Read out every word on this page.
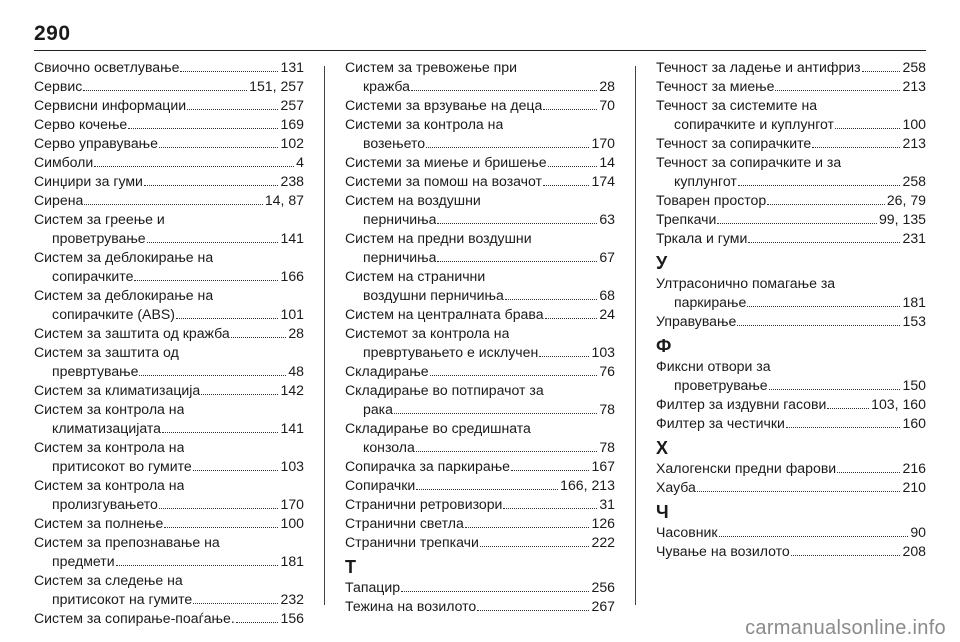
290
Свиочно осветлување	131
Сервис	151, 257
Сервисни информации	257
Серво кочење	169
Серво управување	102
Симболи	4
Синџири за гуми	238
Сирена	14, 87
Систем за греење и
проветрување	141
Систем за деблокирање на
сопирачките	166
Систем за деблокирање на
сопирачките (ABS)	101
Систем за заштита од кражба	28
Систем за заштита од
превртување	48
Систем за климатизација	142
Систем за контрола на
климатизацијата	141
Систем за контрола на
притисокот во гумите	103
Систем за контрола на
пролизгувањето	170
Систем за полнење	100
Систем за препознавање на
предмети	181
Систем за следење на
притисокот на гумите	232
Систем за сопирање-поаѓање.	156
Систем за тревожење при
кражба	28
Системи за врзување на деца	70
Системи за контрола на
возењето	170
Системи за миење и бришење	14
Системи за помош на возачот	174
Систем на воздушни
перничиња	63
Систем на предни воздушни
перничиња	67
Систем на странични
воздушни перничиња	68
Систем на централната брава	24
Системот за контрола на
превртувањето е исклучен	103
Складирање	76
Складирање во потпирачот за
рака	78
Складирање во средишната
конзола	78
Сопирачка за паркирање	167
Сопирачки	166, 213
Странични ретровизори	31
Странични светла	126
Странични трепкачи	222
Т
Тапацир	256
Тежина на возилото	267
Течност за ладење и антифриз	258
Течност за миење	213
Течност за системите на
сопирачките и куплунгот	100
Течност за сопирачките	213
Течност за сопирачките и за
куплунгот	258
Товарен простор	26, 79
Трепкачи	99, 135
Тркала и гуми	231
У
Ултрасонично помагање за
паркирање	181
Управување	153
Ф
Фиксни отвори за
проветрување	150
Филтер за издувни гасови	103, 160
Филтер за честички	160
Х
Халогенски предни фарови	216
Хауба	210
Ч
Часовник	90
Чување на возилото	208
carmanualsonline.info
